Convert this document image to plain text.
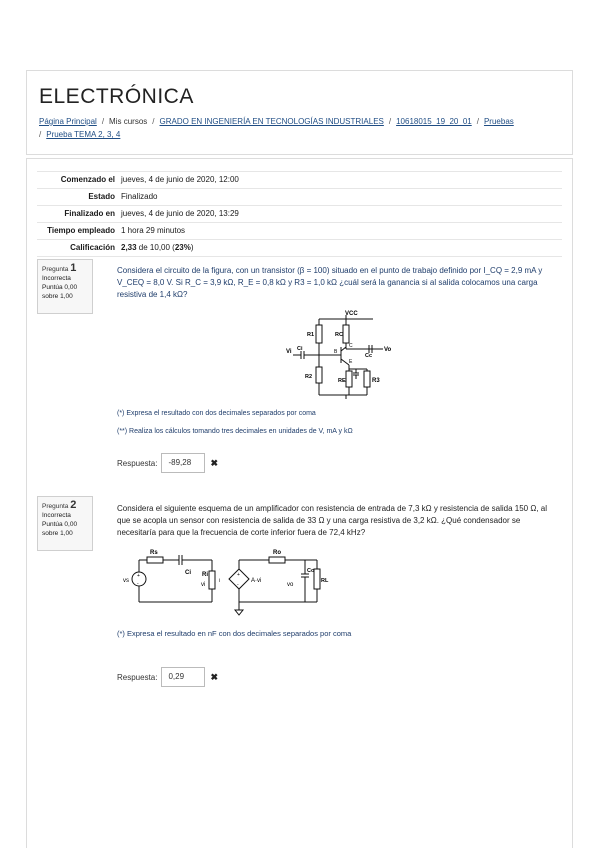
ELECTRÓNICA
Página Principal / Mis cursos / GRADO EN INGENIERÍA EN TECNOLOGÍAS INDUSTRIALES / 10618015_19_20_01 / Pruebas
/ Prueba TEMA 2, 3, 4
Comenzado el jueves, 4 de junio de 2020, 12:00
Estado Finalizado
Finalizado en jueves, 4 de junio de 2020, 13:29
Tiempo empleado 1 hora 29 minutos
Calificación 2,33 de 10,00 (23%)
Pregunta 1
Incorrecta
Puntúa 0,00 sobre 1,00
Considera el circuito de la figura, con un transistor (β = 100) situado en el punto de trabajo definido por I_CQ = 2,9 mA y V_CEQ = 8,0 V. Si R_C = 3,9 kΩ, R_E = 0,8 kΩ y R3 = 1,0 kΩ ¿cuál será la ganancia si al salida colocamos una carga resistiva de 1,4 kΩ?
VCC
R1	RC
Ci
Vi
Cc
Vo
B
C
E
R2
RE	R3
(*) Expresa el resultado con dos decimales separados por coma
(**) Realiza los cálculos tomando tres decimales en unidades de V, mA y kΩ
Respuesta:	-89,28	✖
Pregunta 2
Incorrecta
Puntúa 0,00 sobre 1,00
Considera el siguiente esquema de un amplificador con resistencia de entrada de 7,3 kΩ y resistencia de salida 150 Ω, al que se acopla un sensor con resistencia de salida de 33 Ω y una carga resistiva de 3,2 kΩ. ¿Qué condensador se necesitaría para que la frecuencia de corte inferior fuera de 72,4 kHz?
+
-
+
-
i
Rs
Ci
vs
vi
Ri
Ro
A·vi
Co
vo
RL
(*) Expresa el resultado en nF con dos decimales separados por coma
Respuesta:	0,29	✖
